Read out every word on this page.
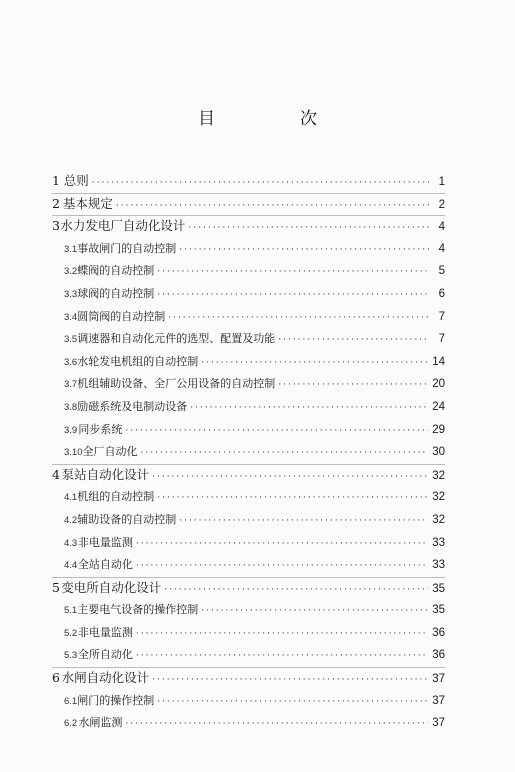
目　次
1 总则 ·····	1
2 基本规定 ·····	2
3 水力发电厂自动化设计 ·····	4
3.1 事故闸门的自动控制 ·····	4
3.2 蝶阀的自动控制 ·····	5
3.3 球阀的自动控制 ·····	6
3.4 圆筒阀的自动控制 ·····	7
3.5 调速器和自动化元件的选型、配置及功能 ·····	7
3.6 水轮发电机组的自动控制 ·····	14
3.7 机组辅助设备、全厂公用设备的自动控制 ·····	20
3.8 励磁系统及电制动设备 ·····	24
3.9 同步系统 ·····	29
3.10 全厂自动化 ·····	30
4 泵站自动化设计 ·····	32
4.1 机组的自动控制 ·····	32
4.2 辅助设备的自动控制 ·····	32
4.3 非电量监测 ·····	33
4.4 全站自动化 ·····	33
5 变电所自动化设计 ·····	35
5.1 主要电气设备的操作控制 ·····	35
5.2 非电量监测 ·····	36
5.3 全所自动化 ·····	36
6 水闸自动化设计 ·····	37
6.1 闸门的操作控制 ·····	37
6.2 水闸监测 ·····	37
